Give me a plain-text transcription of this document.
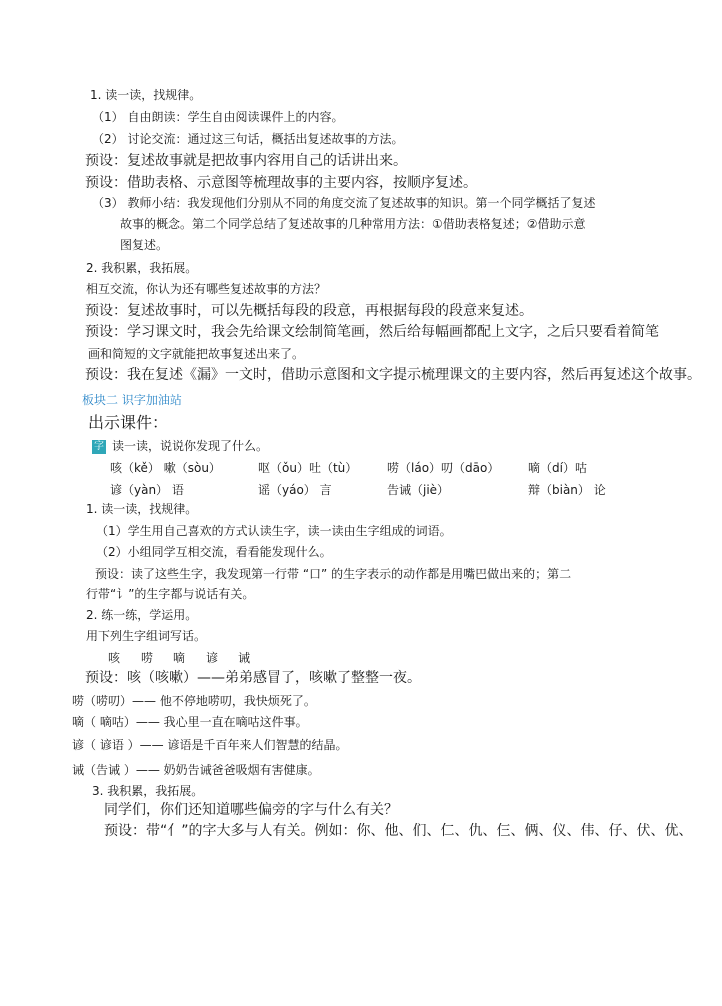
1. 读一读，找规律。
（1） 自由朗读：学生自由阅读课件上的内容。
（2） 讨论交流：通过这三句话，概括出复述故事的方法。
预设：复述故事就是把故事内容用自己的话讲出来。
预设：借助表格、示意图等梳理故事的主要内容，按顺序复述。
（3） 教师小结：我发现他们分别从不同的角度交流了复述故事的知识。第一个同学概括了复述
故事的概念。第二个同学总结了复述故事的几种常用方法：①借助表格复述；②借助示意
图复述。
2. 我积累，我拓展。
相互交流，你认为还有哪些复述故事的方法？
预设：复述故事时，可以先概括每段的段意，再根据每段的段意来复述。
预设：学习课文时，我会先给课文绘制简笔画，然后给每幅画都配上文字，之后只要看着简笔
画和简短的文字就能把故事复述出来了。
预设：我在复述《漏》一文时，借助示意图和文字提示梳理课文的主要内容，然后再复述这个故事。
板块二 识字加油站
出示课件：
字 读一读，说说你发现了什么。
咳（kě） 嗽（sòu）	呕（ǒu）吐（tù） 唠（láo）叨（dāo） 嘀（dí）咕
谚（yàn） 语	谣（yáo） 言	告诫（jiè）	辩（biàn） 论
1. 读一读，找规律。
（1）学生用自己喜欢的方式认读生字，读一读由生字组成的词语。
（2）小组同学互相交流，看看能发现什么。
预设：读了这些生字，我发现第一行带 “口” 的生字表示的动作都是用嘴巴做出来的；第二
行带“讠”的生字都与说话有关。
2. 练一练，学运用。
用下列生字组词写话。
咳 唠 嘀 谚 诫
预设：咳（咳嗽）——弟弟感冒了，咳嗽了整整一夜。
唠（唠叨）—— 他不停地唠叨，我快烦死了。
嘀（ 嘀咕）—— 我心里一直在嘀咕这件事。
谚（ 谚语 ）—— 谚语是千百年来人们智慧的结晶。
诫（告诫 ）—— 奶奶告诫爸爸吸烟有害健康。
3. 我积累，我拓展。
同学们，你们还知道哪些偏旁的字与什么有关？
预设：带“亻”的字大多与人有关。例如：你、他、们、仁、仇、仨、俩、仪、伟、仔、伏、优、
